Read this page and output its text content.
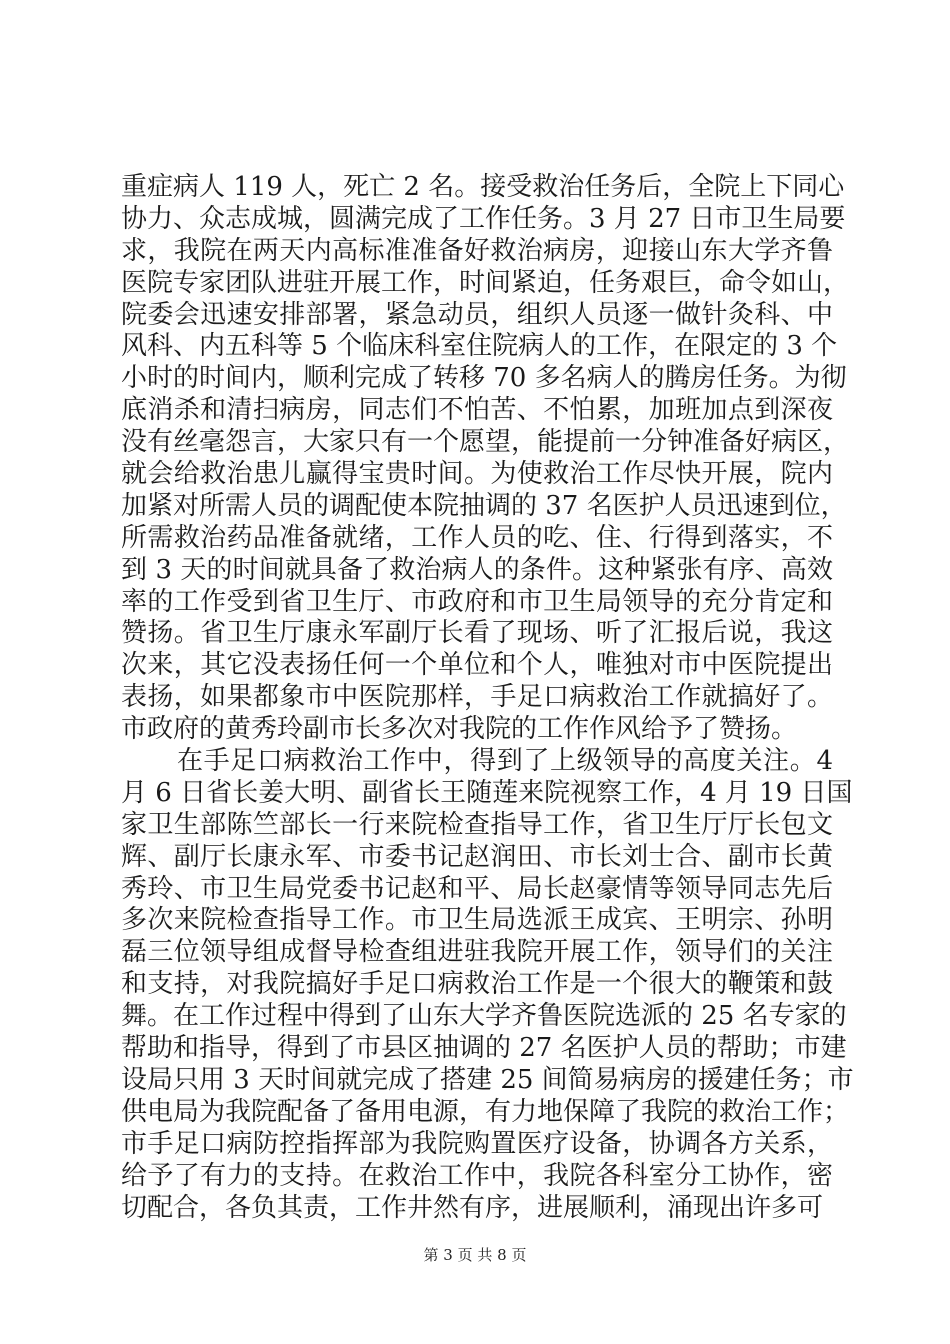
重症病人 119 人，死亡 2 名。接受救治任务后，全院上下同心
协力、众志成城，圆满完成了工作任务。3 月 27 日市卫生局要
求，我院在两天内高标准准备好救治病房，迎接山东大学齐鲁
医院专家团队进驻开展工作，时间紧迫，任务艰巨，命令如山，
院委会迅速安排部署，紧急动员，组织人员逐一做针灸科、中
风科、内五科等 5 个临床科室住院病人的工作，在限定的 3 个
小时的时间内，顺利完成了转移 70 多名病人的腾房任务。为彻
底消杀和清扫病房，同志们不怕苦、不怕累，加班加点到深夜
没有丝毫怨言，大家只有一个愿望，能提前一分钟准备好病区，
就会给救治患儿赢得宝贵时间。为使救治工作尽快开展，院内
加紧对所需人员的调配使本院抽调的 37 名医护人员迅速到位，
所需救治药品准备就绪，工作人员的吃、住、行得到落实，不
到 3 天的时间就具备了救治病人的条件。这种紧张有序、高效
率的工作受到省卫生厅、市政府和市卫生局领导的充分肯定和
赞扬。省卫生厅康永军副厅长看了现场、听了汇报后说，我这
次来，其它没表扬任何一个单位和个人，唯独对市中医院提出
表扬，如果都象市中医院那样，手足口病救治工作就搞好了。
市政府的黄秀玲副市长多次对我院的工作作风给予了赞扬。
在手足口病救治工作中，得到了上级领导的高度关注。4
月 6 日省长姜大明、副省长王随莲来院视察工作，4 月 19 日国
家卫生部陈竺部长一行来院检查指导工作，省卫生厅厅长包文
辉、副厅长康永军、市委书记赵润田、市长刘士合、副市长黄
秀玲、市卫生局党委书记赵和平、局长赵豪情等领导同志先后
多次来院检查指导工作。市卫生局选派王成宾、王明宗、孙明
磊三位领导组成督导检查组进驻我院开展工作，领导们的关注
和支持，对我院搞好手足口病救治工作是一个很大的鞭策和鼓
舞。在工作过程中得到了山东大学齐鲁医院选派的 25 名专家的
帮助和指导，得到了市县区抽调的 27 名医护人员的帮助；市建
设局只用 3 天时间就完成了搭建 25 间简易病房的援建任务；市
供电局为我院配备了备用电源，有力地保障了我院的救治工作；
市手足口病防控指挥部为我院购置医疗设备，协调各方关系，
给予了有力的支持。在救治工作中，我院各科室分工协作，密
切配合，各负其责，工作井然有序，进展顺利，涌现出许多可
第 3 页 共 8 页
